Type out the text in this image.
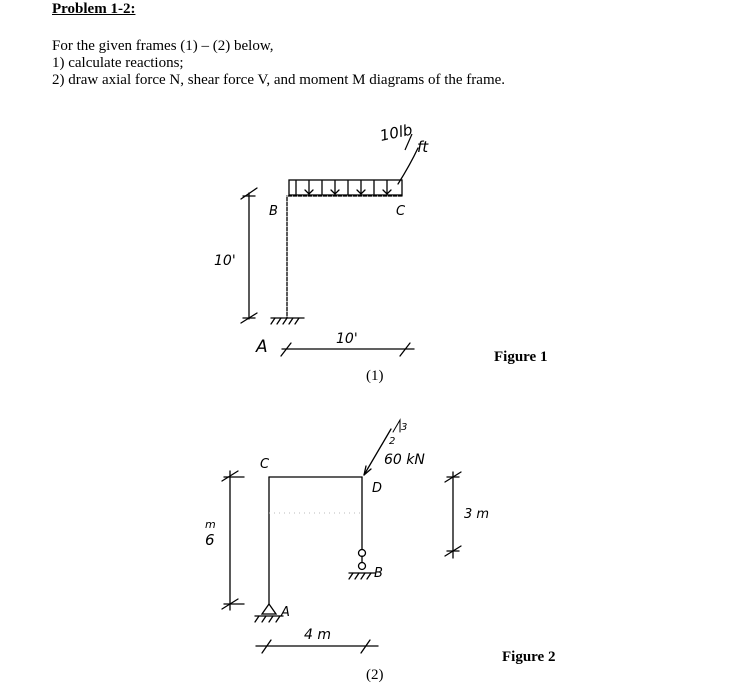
Problem 1-2:
For the given frames (1) – (2) below,
1) calculate reactions;
2) draw axial force N, shear force V, and moment M diagrams of the frame.
10lb
ft
10'
10'
A
B	C
60 kN
3
2
C
D
B
A
m
6
3 m
4 m
(1)
Figure 1
(2)
Figure 2
